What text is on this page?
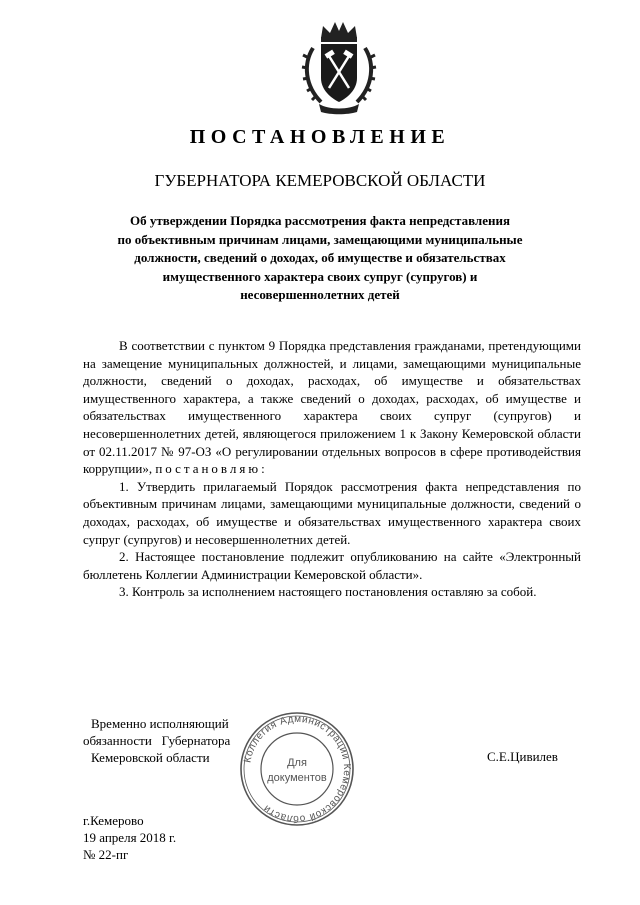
ПОСТАНОВЛЕНИЕ
ГУБЕРНАТОРА КЕМЕРОВСКОЙ ОБЛАСТИ
Об утверждении Порядка рассмотрения факта непредставления
по объективным причинам лицами, замещающими муниципальные
должности, сведений о доходах, об имуществе и обязательствах
имущественного характера своих супруг (супругов) и
несовершеннолетних детей

В соответствии с пунктом 9 Порядка представления гражданами, претендующими на замещение муниципальных должностей, и лицами, замещающими муниципальные должности, сведений о доходах, расходах, об имуществе и обязательствах имущественного характера, а также сведений о доходах, расходах, об имуществе и обязательствах имущественного характера своих супруг (супругов) и несовершеннолетних детей, являющегося приложением 1 к Закону Кемеровской области от 02.11.2017 № 97-ОЗ «О регулировании отдельных вопросов в сфере противодействия коррупции», постановляю:

1. Утвердить прилагаемый Порядок рассмотрения факта непредставления по объективным причинам лицами, замещающими муниципальные должности, сведений о доходах, расходах, об имуществе и обязательствах имущественного характера своих супруг (супругов) и несовершеннолетних детей.

2. Настоящее постановление подлежит опубликованию на сайте «Электронный бюллетень Коллегии Администрации Кемеровской области».

3. Контроль за исполнением настоящего постановления оставляю за собой.

Временно исполняющий
обязанности   Губернатора
Кемеровской области	Коллегия Администрации Кемеровской области
Для
документов
С.Е.Цивилев
г.Кемерово
19 апреля 2018 г.
№ 22-пг
